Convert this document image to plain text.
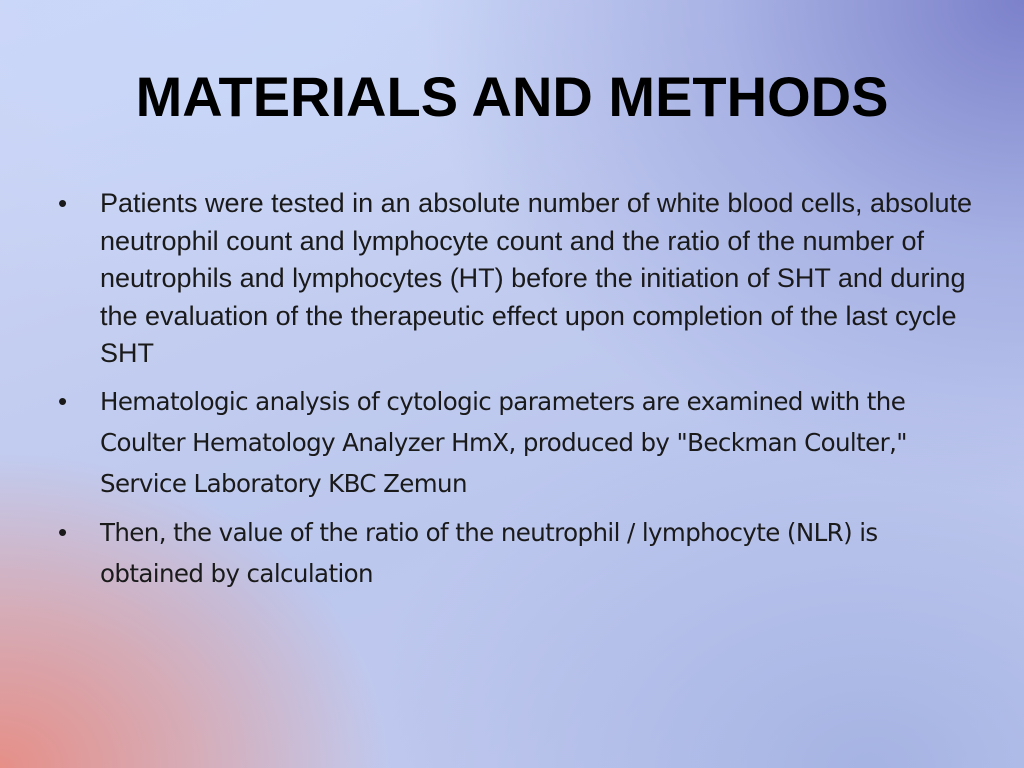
MATERIALS AND METHODS
• Patients were tested in an absolute number of white blood cells, absolute neutrophil count and lymphocyte count and the ratio of the number of neutrophils and lymphocytes (HT) before the initiation of SHT and during the evaluation of the therapeutic effect upon completion of the last cycle SHT
• Hematologic analysis of cytologic parameters are examined with the Coulter Hematology Analyzer HmX, produced by "Beckman Coulter," Service Laboratory KBC Zemun
• Then, the value of the ratio of the neutrophil / lymphocyte (NLR) is obtained by calculation
